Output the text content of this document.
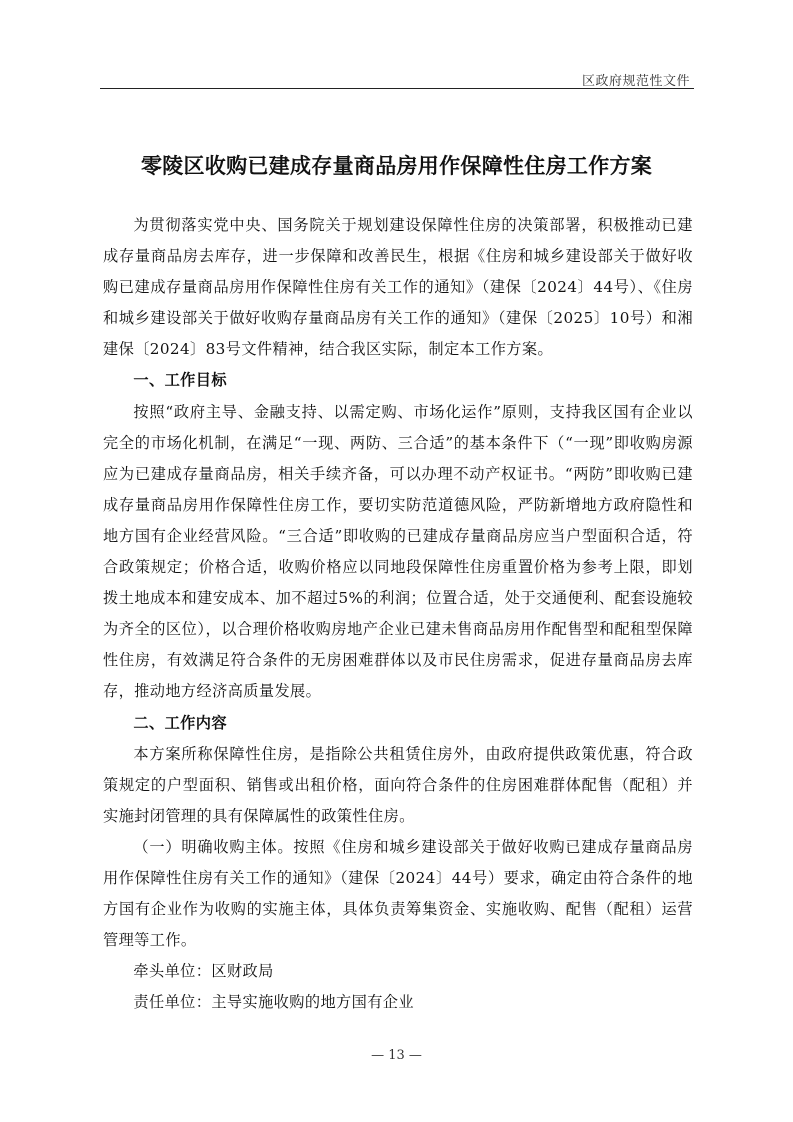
区政府规范性文件
零陵区收购已建成存量商品房用作保障性住房工作方案

为贯彻落实党中央、国务院关于规划建设保障性住房的决策部署，积极推动已建成存量商品房去库存，进一步保障和改善民生，根据《住房和城乡建设部关于做好收购已建成存量商品房用作保障性住房有关工作的通知》（建保〔2024〕44号）、《住房和城乡建设部关于做好收购存量商品房有关工作的通知》（建保〔2025〕10号）和湘建保〔2024〕83号文件精神，结合我区实际，制定本工作方案。

一、工作目标

按照“政府主导、金融支持、以需定购、市场化运作”原则，支持我区国有企业以完全的市场化机制，在满足“一现、两防、三合适”的基本条件下（“一现”即收购房源应为已建成存量商品房，相关手续齐备，可以办理不动产权证书。“两防”即收购已建成存量商品房用作保障性住房工作，要切实防范道德风险，严防新增地方政府隐性和地方国有企业经营风险。“三合适”即收购的已建成存量商品房应当户型面积合适，符合政策规定；价格合适，收购价格应以同地段保障性住房重置价格为参考上限，即划拨土地成本和建安成本、加不超过5%的利润；位置合适，处于交通便利、配套设施较为齐全的区位），以合理价格收购房地产企业已建未售商品房用作配售型和配租型保障性住房，有效满足符合条件的无房困难群体以及市民住房需求，促进存量商品房去库存，推动地方经济高质量发展。

二、工作内容

本方案所称保障性住房，是指除公共租赁住房外，由政府提供政策优惠，符合政策规定的户型面积、销售或出租价格，面向符合条件的住房困难群体配售（配租）并实施封闭管理的具有保障属性的政策性住房。

（一）明确收购主体。按照《住房和城乡建设部关于做好收购已建成存量商品房用作保障性住房有关工作的通知》（建保〔2024〕44号）要求，确定由符合条件的地方国有企业作为收购的实施主体，具体负责筹集资金、实施收购、配售（配租）运营管理等工作。

牵头单位：区财政局

责任单位：主导实施收购的地方国有企业

— 13 —
